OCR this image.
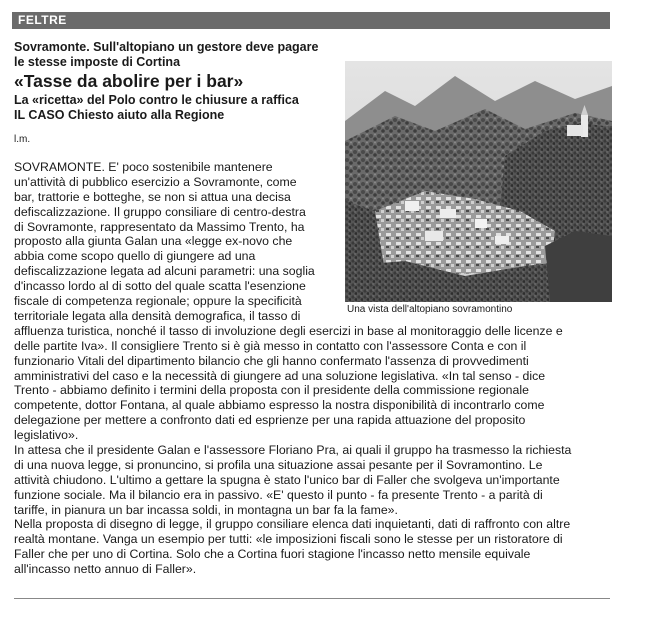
FELTRE
Sovramonte. Sull'altopiano un gestore deve pagare
le stesse imposte di Cortina
«Tasse da abolire per i bar»
La «ricetta» del Polo contro le chiusure a raffica
IL CASO Chiesto aiuto alla Regione
l.m.
Una vista dell'altopiano sovramontino
SOVRAMONTE. E' poco sostenibile mantenere
un'attività di pubblico esercizio a Sovramonte, come
bar, trattorie e botteghe, se non si attua una decisa
defiscalizzazione. Il gruppo consiliare di centro-destra
di Sovramonte, rappresentato da Massimo Trento, ha
proposto alla giunta Galan una «legge ex-novo che
abbia come scopo quello di giungere ad una
defiscalizzazione legata ad alcuni parametri: una soglia
d'incasso lordo al di sotto del quale scatta l'esenzione
fiscale di competenza regionale; oppure la specificità
territoriale legata alla densità demografica, il tasso di
affluenza turistica, nonché il tasso di involuzione degli esercizi in base al monitoraggio delle licenze e
delle partite Iva». Il consigliere Trento si è già messo in contatto con l'assessore Conta e con il
funzionario Vitali del dipartimento bilancio che gli hanno confermato l'assenza di provvedimenti
amministrativi del caso e la necessità di giungere ad una soluzione legislativa. «In tal senso - dice
Trento - abbiamo definito i termini della proposta con il presidente della commissione regionale
competente, dottor Fontana, al quale abbiamo espresso la nostra disponibilità di incontrarlo come
delegazione per mettere a confronto dati ed esprienze per una rapida attuazione del proposito
legislativo».
In attesa che il presidente Galan e l'assessore Floriano Pra, ai quali il gruppo ha trasmesso la richiesta
di una nuova legge, si pronuncino, si profila una situazione assai pesante per il Sovramontino. Le
attività chiudono. L'ultimo a gettare la spugna è stato l'unico bar di Faller che svolgeva un'importante
funzione sociale. Ma il bilancio era in passivo. «E' questo il punto - fa presente Trento - a parità di
tariffe, in pianura un bar incassa soldi, in montagna un bar fa la fame».
Nella proposta di disegno di legge, il gruppo consiliare elenca dati inquietanti, dati di raffronto con altre
realtà montane. Vanga un esempio per tutti: «le imposizioni fiscali sono le stesse per un ristoratore di
Faller che per uno di Cortina. Solo che a Cortina fuori stagione l'incasso netto mensile equivale
all'incasso netto annuo di Faller».
